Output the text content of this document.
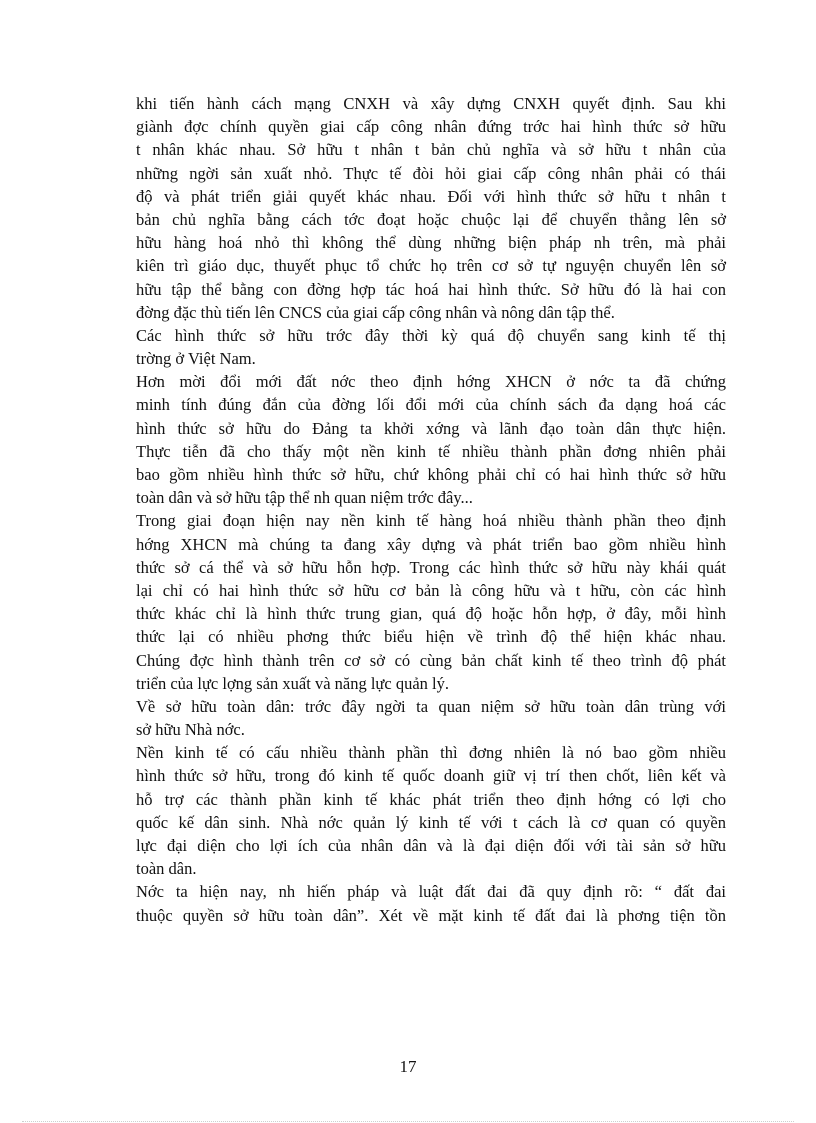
khi tiến hành cách mạng CNXH và xây dựng CNXH quyết định. Sau khi
giành đợc chính quyền giai cấp công nhân đứng trớc hai hình thức sở hữu
t nhân khác nhau. Sở hữu t nhân t bản chủ nghĩa và sở hữu t nhân của
những ngời sản xuất nhỏ. Thực tế đòi hỏi giai cấp công nhân phải có thái
độ và phát triển giải quyết khác nhau. Đối với hình thức sở hữu t nhân t
bản chủ nghĩa bằng cách tớc đoạt hoặc chuộc lại để chuyển thẳng lên sở
hữu hàng hoá nhỏ thì không thể dùng những biện pháp nh trên, mà phải
kiên trì giáo dục, thuyết phục tổ chức họ trên cơ sở tự nguyện chuyển lên sở
hữu tập thể bằng con đờng hợp tác hoá hai hình thức. Sở hữu đó là hai con
đờng đặc thù tiến lên CNCS của giai cấp công nhân và nông dân tập thể.
Các hình thức sở hữu trớc đây thời kỳ quá độ chuyển sang kinh tế thị
trờng ở Việt Nam.
Hơn mời đổi mới đất nớc theo định hớng XHCN ở nớc ta đã chứng
minh tính đúng đắn của đờng lối đổi mới của chính sách đa dạng hoá các
hình thức sở hữu do Đảng ta khởi xớng và lãnh đạo toàn dân thực hiện.
Thực tiễn đã cho thấy một nền kinh tế nhiều thành phần đơng nhiên phải
bao gồm nhiều hình thức sở hữu, chứ không phải chỉ có hai hình thức sở hữu
toàn dân và sở hữu tập thể nh quan niệm trớc đây...
Trong giai đoạn hiện nay nền kinh tế hàng hoá nhiều thành phần theo định
hớng XHCN mà chúng ta đang xây dựng và phát triển bao gồm nhiều hình
thức sở cá thể và sở hữu hỗn hợp. Trong các hình thức sở hữu này khái quát
lại chỉ có hai hình thức sở hữu cơ bản là công hữu và t hữu, còn các hình
thức khác chỉ là hình thức trung gian, quá độ hoặc hỗn hợp, ở đây, mỗi hình
thức lại có nhiều phơng thức biểu hiện về trình độ thể hiện khác nhau.
Chúng đợc hình thành trên cơ sở có cùng bản chất kinh tế theo trình độ phát
triển của lực lợng sản xuất và năng lực quản lý.
Về sở hữu toàn dân: trớc đây ngời ta quan niệm sở hữu toàn dân trùng với
sở hữu Nhà nớc.
Nền kinh tế có cấu nhiều thành phần thì đơng nhiên là nó bao gồm nhiều
hình thức sở hữu, trong đó kinh tế quốc doanh giữ vị trí then chốt, liên kết và
hỗ trợ các thành phần kinh tế khác phát triển theo định hớng có lợi cho
quốc kế dân sinh. Nhà nớc quản lý kinh tế với t cách là cơ quan có quyền
lực đại diện cho lợi ích của nhân dân và là đại diện đối với tài sản sở hữu
toàn dân.
Nớc ta hiện nay, nh hiến pháp và luật đất đai đã quy định rõ: “ đất đai
thuộc quyền sở hữu toàn dân”. Xét về mặt kinh tế đất đai là phơng tiện tồn
17
